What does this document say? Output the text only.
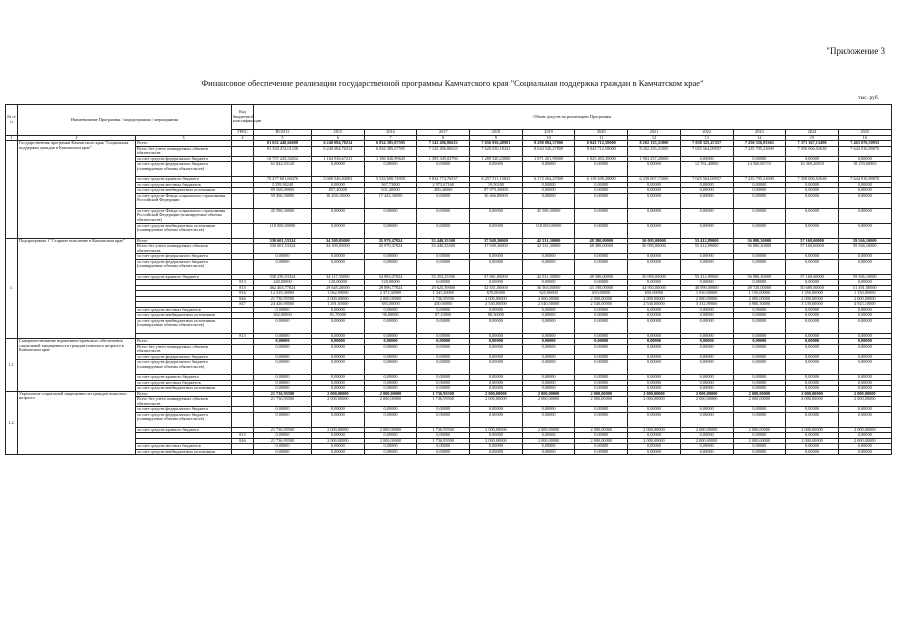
"Приложение 3
Финансовое обеспечение реализации государственной программы Камчатского края "Социальная поддержка граждан в Камчатском крае"
тыс. руб.
№ п/п	Наименование Программы / подпрограммы / мероприятия		Код бюджетной классификации	Объем средств на реализацию Программы											
			ГРБС	ВСЕГО	2015	2016	2017	2018	2019	2020	2021	2022	2023	2024	2025
1	2	3	4	5	6	7	8	9	10	11	12	13	14	15	16
	Государственная программа Камчатского края "Социальная поддержка граждан в Камчатском крае"	Всего		81 652 440,66698	6 240 084,70214	6 834 385,07595	7 143 496,86633	7 656 936,48981	8 290 084,37800	8 043 712,58000	8 202 135,21000	7 038 325,47257	7 250 356,03363	7 371 367,13498	7 463 076,50955
		Всего без учета планируемых объемов обязательств		81 394 474,01238	6 240 084,70214	6 834 385,07595	7 143 496,86633	7 620 030,18341	8 044 526,27800	8 043 712,58000	8 202 235,21000	7 025 564,09937	7 235 795,21690	7 358 006,92638	7 644 916,89870
		за счет средств федерального бюджета		10 757 243,52652	1 164 936,67211	1 186 026,99645	1 395 349,02796	1 289 520,23000	1 071 261,99000	1 925 403,30000	1 963 237,20000	0,00000	0,00000	0,00000	0,00000
		за счет средств федерального бюджета (планируемые объемы обязательств)		61 842,03120	0,00000	0,00000	0,00000	0,00000	0,00000	0,00000	0,00000	12 761,40800	14 560,80715	16 369,20850	18 159,60905
		за счет средств краевого бюджета		70 477 601,68476	5 069 546,83003	5 534 698,74950	5 834 774,76537	6 257 511,15841	6 172 264,27000	6 118 309,28000	6 239 007,71000	7 025 564,09937	7 235 795,21690	7 358 006,92638	7 644 916,89870
		за счет средств местных бюджетов		3 359,90240	0,00000	367,73000	2 973,67160	19,50180	0,00000	0,00000	0,00000	0,00000	0,00000	0,00000	0,00000
		за счет средств внебюджетных источников		89 568,00000	857,40000	631,40000	400,40000	87 979,30000	0,00000	0,00000	0,00000	0,00000	0,00000	0,00000	0,00000
		за счет средств Фонда социального страхования Российской Федерации		59 366,30000	16 456,10000	17 443,30000	0,00000	30 466,80000	0,00000	0,00000	0,00000	0,00000	0,00000	0,00000	0,00000
		за счет средств Фонда социального страхования Российской Федерации (планируемые объемы обязательств)		45 588,30000	0,00000	0,00000	0,00000	0,00000	45 588,30000	0,00000	0,00000	0,00000	0,00000	0,00000	0,00000
		за счет средств внебюджетных источников (планируемые объемы обязательств)		118 000,00000	0,00000	0,00000	0,00000	0,00000	118 000,00000	0,00000	0,00000	0,00000	0,00000	0,00000	0,00000
1.	Подпрограмма 1 "Старшее поколение в Камчатском крае"	Всего		530 601,53324	34 309,05000	35 979,47824	33 440,35500	37 949,30000	42 531,30000	48 380,00000	50 095,00000	55 412,89000	56 880,30000	57 169,60000	59 566,10000
		Всего без учета планируемых объемов обязательств		530 601,53324	34 309,05000	35 979,47824	33 440,35500	37 949,30000	42 531,30000	48 380,00000	50 095,00000	55 412,89000	56 880,30000	57 169,60000	59 566,10000
		за счет средств федерального бюджета		0,00000	0,00000	0,00000	0,00000	0,00000	0,00000	0,00000	0,00000	0,00000	0,00000	0,00000	0,00000
		за счет средств федерального бюджета (планируемые объемы обязательств)		0,00000	0,00000	0,00000	0,00000	0,00000	0,00000	0,00000	0,00000	0,00000	0,00000	0,00000	0,00000
		за счет средств краевого бюджета		530 239,53324	34 117,35000	34 983,07824	33 353,25500	37 861,00000	42 531,30000	48 380,00000	50 095,00000	55 412,89000	56 880,30000	57 169,60000	59 566,10000
			813	240,00000	120,00000	120,00000	0,00000	0,00000	0,00000	0,00000	0,00000	0,00000	0,00000	0,00000	0,00000
			815	462 463,77824	29 645,26000	29 896,77824	29 625,39000	32 651,00000	36 563,00000	43 198,00000	44 903,00000	48 090,00000	49 720,00000	50 680,00000	51 491,00000
			816	12 419,30000	1 062,00000	2 371,30000	1 341,20000	670,00000	625,00000	650,00000	650,00000	1 010,00000	1 150,00000	1 350,00000	1 150,00000
			846	21 736,95500	2 000,00000	2 000,00000	1 736,95500	2 000,00000	2 000,00000	2 000,00000	2 000,00000	2 000,00000	2 000,00000	2 000,00000	2 000,00000
			847	24 426,90000	1 291,65000	585,00000	450,00000	2 540,00000	2 540,00000	2 540,00000	2 540,00000	3 312,89000	3 980,30000	3 139,60000	4 925,10000
		за счет средств местных бюджетов		0,00000	0,00000	0,00000	0,00000	0,00000	0,00000	0,00000	0,00000	0,00000	0,00000	0,00000	0,00000
		за счет средств внебюджетных источников		362,00000	91,70000	96,80000	87,10000	88,30000	0,00000	0,00000	0,00000	0,00000	0,00000	0,00000	0,00000
		за счет средств внебюджетных источников (планируемые объемы обязательств)		0,00000	0,00000	0,00000	0,00000	0,00000	0,00000	0,00000	0,00000	0,00000	0,00000	0,00000	0,00000
			813	0,00000	0,00000	0,00000	0,00000	0,00000	0,00000	0,00000	0,00000	0,00000	0,00000	0,00000	0,00000
1.1.	Совершенствование нормативно-правового обеспечения социальной защищенности граждан пожилого возраста в Камчатском крае	Всего		0,00000	0,00000	0,00000	0,00000	0,00000	0,00000	0,00000	0,00000	0,00000	0,00000	0,00000	0,00000
		Всего без учета планируемых объемов обязательств		0,00000	0,00000	0,00000	0,00000	0,00000	0,00000	0,00000	0,00000	0,00000	0,00000	0,00000	0,00000
		за счет средств федерального бюджета		0,00000	0,00000	0,00000	0,00000	0,00000	0,00000	0,00000	0,00000	0,00000	0,00000	0,00000	0,00000
		за счет средств федерального бюджета (планируемые объемы обязательств)		0,00000	0,00000	0,00000	0,00000	0,00000	0,00000	0,00000	0,00000	0,00000	0,00000	0,00000	0,00000
		за счет средств краевого бюджета		0,00000	0,00000	0,00000	0,00000	0,00000	0,00000	0,00000	0,00000	0,00000	0,00000	0,00000	0,00000
		за счет средств местных бюджетов		0,00000	0,00000	0,00000	0,00000	0,00000	0,00000	0,00000	0,00000	0,00000	0,00000	0,00000	0,00000
		за счет средств внебюджетных источников		0,00000	0,00000	0,00000	0,00000	0,00000	0,00000	0,00000	0,00000	0,00000	0,00000	0,00000	0,00000
1.2.	Укрепление социальной защищенности граждан пожилого возраста	Всего		21 736,95500	2 000,00000	2 000,00000	1 736,95500	2 000,00000	2 000,00000	2 000,00000	2 000,00000	2 000,00000	2 000,00000	2 000,00000	2 000,00000
		Всего без учета планируемых объемов обязательств		21 736,95500	2 000,00000	2 000,00000	1 736,95500	2 000,00000	2 000,00000	2 000,00000	2 000,00000	2 000,00000	2 000,00000	2 000,00000	2 000,00000
		за счет средств федерального бюджета		0,00000	0,00000	0,00000	0,00000	0,00000	0,00000	0,00000	0,00000	0,00000	0,00000	0,00000	0,00000
		за счет средств федерального бюджета (планируемые объемы обязательств)		0,00000	0,00000	0,00000	0,00000	0,00000	0,00000	0,00000	0,00000	0,00000	0,00000	0,00000	0,00000
		за счет средств краевого бюджета		21 736,95500	2 000,00000	2 000,00000	1 736,95500	2 000,00000	2 000,00000	2 000,00000	2 000,00000	2 000,00000	2 000,00000	2 000,00000	2 000,00000
			815	0,00000	0,00000	0,00000	0,00000	0,00000	0,00000	0,00000	0,00000	0,00000	0,00000	0,00000	0,00000
			846	21 736,95500	2 000,00000	2 000,00000	1 736,95500	2 000,00000	2 000,00000	2 000,00000	2 000,00000	2 000,00000	2 000,00000	2 000,00000	2 000,00000
		за счет средств местных бюджетов		0,00000	0,00000	0,00000	0,00000	0,00000	0,00000	0,00000	0,00000	0,00000	0,00000	0,00000	0,00000
		за счет средств внебюджетных источников		0,00000	0,00000	0,00000	0,00000	0,00000	0,00000	0,00000	0,00000	0,00000	0,00000	0,00000	0,00000
